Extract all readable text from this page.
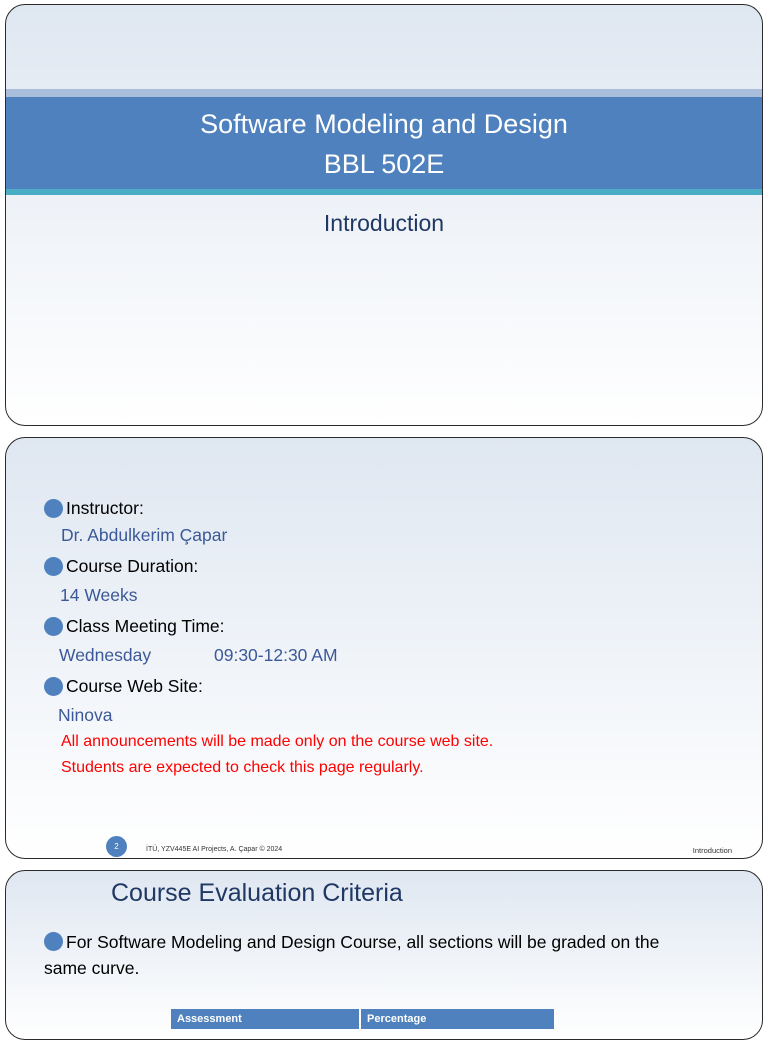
Software Modeling and Design
BBL 502E
Introduction
Instructor:
Dr. Abdulkerim Çapar
Course Duration:
14 Weeks
Class Meeting Time:
Wednesday	09:30-12:30 AM
Course Web Site:
Ninova
All announcements will be made only on the course web site.
Students are expected to check this page regularly.
2	İTÜ, YZV445E AI Projects, A. Çapar © 2024	Introduction
Course Evaluation Criteria
For Software Modeling and Design Course, all sections will be graded on the same curve.
Assessment	Percentage
